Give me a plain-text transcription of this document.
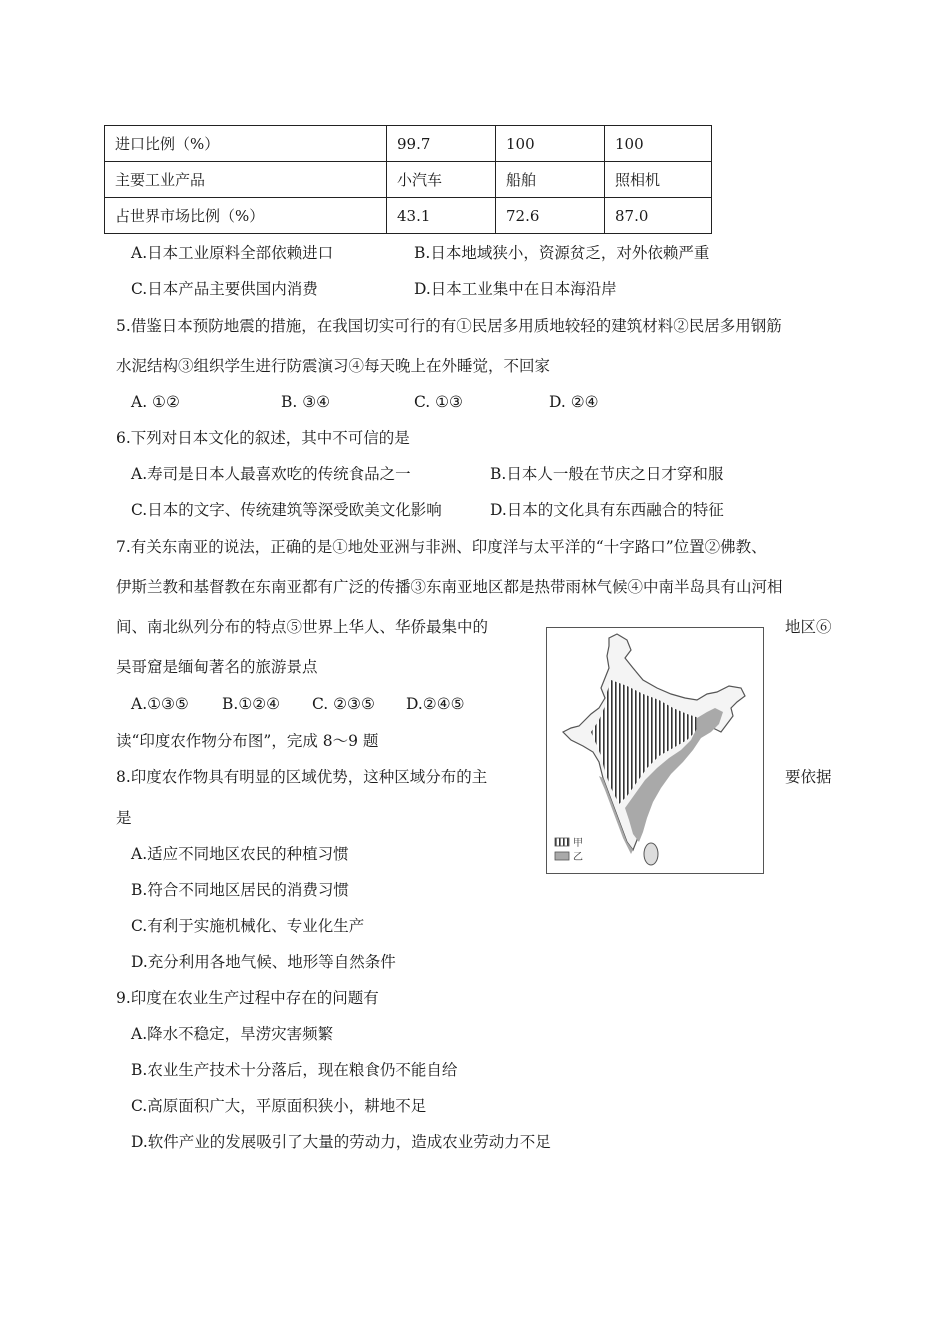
进口比例（%）	99.7	100	100
主要工业产品	小汽车	船舶	照相机
占世界市场比例（%）	43.1	72.6	87.0
A.日本工业原料全部依赖进口	B.日本地域狭小，资源贫乏，对外依赖严重
C.日本产品主要供国内消费	D.日本工业集中在日本海沿岸
5.借鉴日本预防地震的措施，在我国切实可行的有①民居多用质地较轻的建筑材料②民居多用钢筋
水泥结构③组织学生进行防震演习④每天晚上在外睡觉，不回家
A. ①②	B. ③④	C. ①③	D. ②④
6.下列对日本文化的叙述，其中不可信的是
A.寿司是日本人最喜欢吃的传统食品之一	B.日本人一般在节庆之日才穿和服
C.日本的文字、传统建筑等深受欧美文化影响	D.日本的文化具有东西融合的特征
7.有关东南亚的说法，正确的是①地处亚洲与非洲、印度洋与太平洋的“十字路口”位置②佛教、
伊斯兰教和基督教在东南亚都有广泛的传播③东南亚地区都是热带雨林气候④中南半岛具有山河相
间、南北纵列分布的特点⑤世界上华人、华侨最集中的	地区⑥
吴哥窟是缅甸著名的旅游景点
A.①③⑤ B.①②④ C. ②③⑤ D.②④⑤
读“印度农作物分布图”，完成 8～9 题
8.印度农作物具有明显的区域优势，这种区域分布的主	要依据
是
A.适应不同地区农民的种植习惯
B.符合不同地区居民的消费习惯
C.有利于实施机械化、专业化生产
D.充分利用各地气候、地形等自然条件
9.印度在农业生产过程中存在的问题有
A.降水不稳定，旱涝灾害频繁
B.农业生产技术十分落后，现在粮食仍不能自给
C.高原面积广大，平原面积狭小，耕地不足
D.软件产业的发展吸引了大量的劳动力，造成农业劳动力不足
甲
乙
